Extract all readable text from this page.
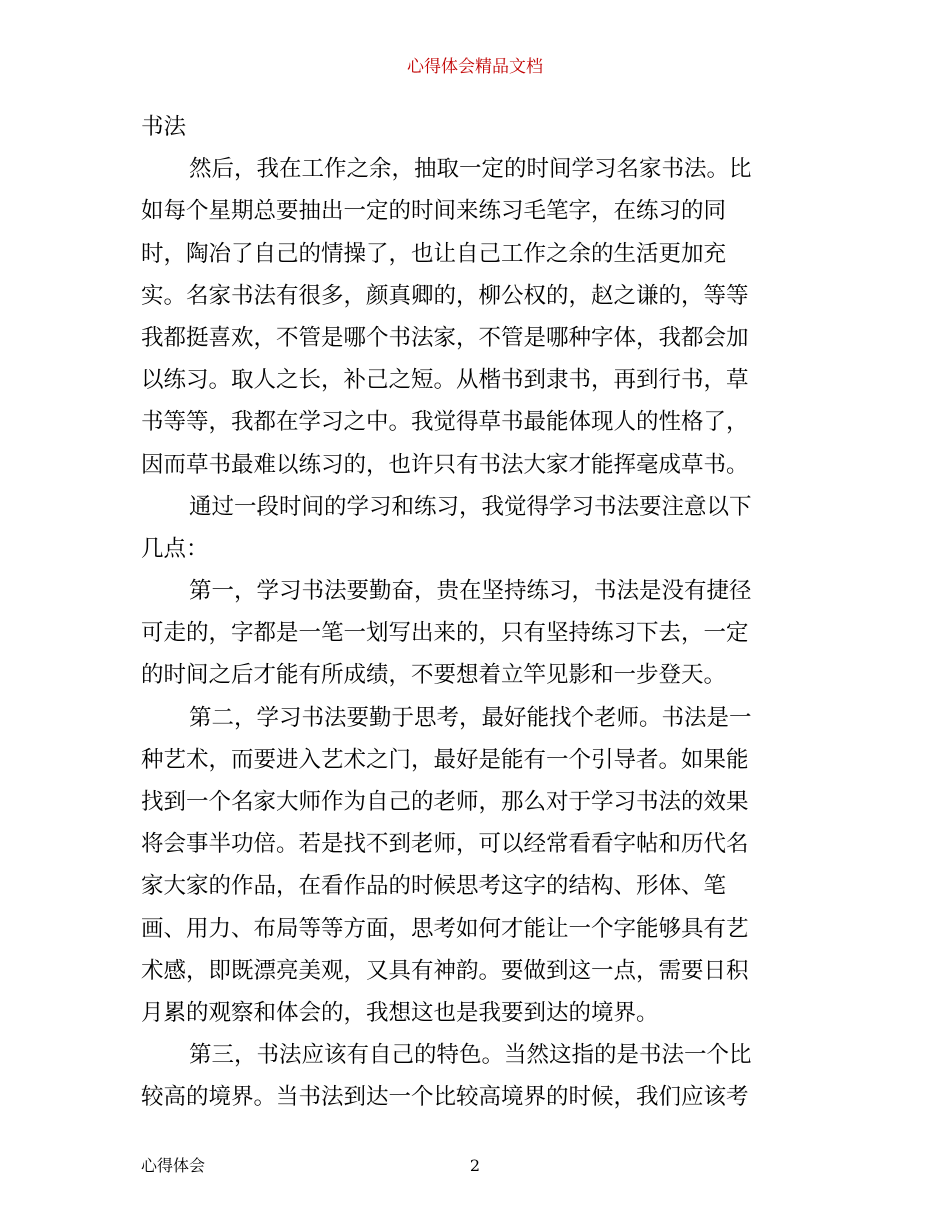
心得体会精品文档
书法
然后，我在工作之余，抽取一定的时间学习名家书法。比
如每个星期总要抽出一定的时间来练习毛笔字，在练习的同
时，陶冶了自己的情操了，也让自己工作之余的生活更加充
实。名家书法有很多，颜真卿的，柳公权的，赵之谦的，等等
我都挺喜欢，不管是哪个书法家，不管是哪种字体，我都会加
以练习。取人之长，补己之短。从楷书到隶书，再到行书，草
书等等，我都在学习之中。我觉得草书最能体现人的性格了，
因而草书最难以练习的，也许只有书法大家才能挥毫成草书。
通过一段时间的学习和练习，我觉得学习书法要注意以下
几点：
第一，学习书法要勤奋，贵在坚持练习，书法是没有捷径
可走的，字都是一笔一划写出来的，只有坚持练习下去，一定
的时间之后才能有所成绩，不要想着立竿见影和一步登天。
第二，学习书法要勤于思考，最好能找个老师。书法是一
种艺术，而要进入艺术之门，最好是能有一个引导者。如果能
找到一个名家大师作为自己的老师，那么对于学习书法的效果
将会事半功倍。若是找不到老师，可以经常看看字帖和历代名
家大家的作品，在看作品的时候思考这字的结构、形体、笔
画、用力、布局等等方面，思考如何才能让一个字能够具有艺
术感，即既漂亮美观，又具有神韵。要做到这一点，需要日积
月累的观察和体会的，我想这也是我要到达的境界。
第三，书法应该有自己的特色。当然这指的是书法一个比
较高的境界。当书法到达一个比较高境界的时候，我们应该考
心得体会	2
